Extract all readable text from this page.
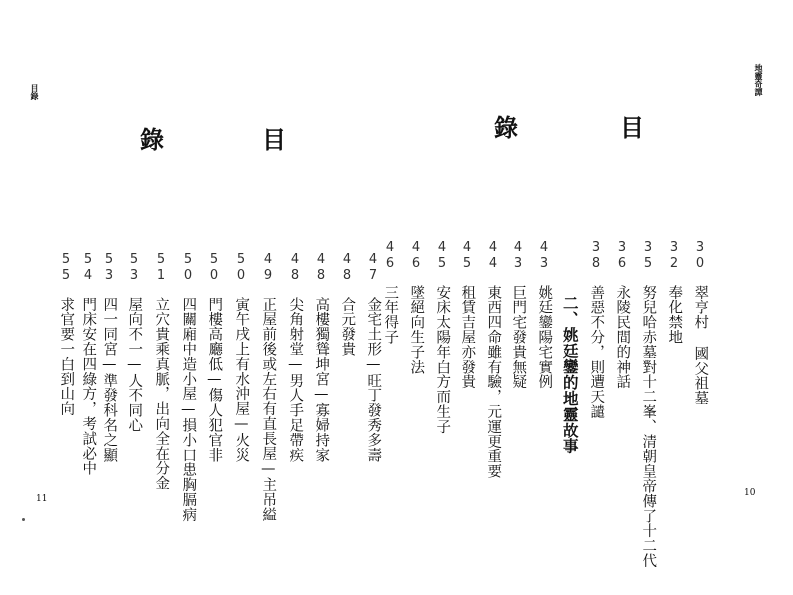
目錄
錄	目
47
金宅土形—旺丁發秀多壽
48
合元發貴
48
高樓獨聳坤宮—寡婦持家
48
尖角射堂—男人手足帶疾
49
正屋前後或左右有直長屋—主吊縊
50
寅午戌上有水沖屋—火災
50
門樓高廳低—傷人犯官非
50
四關廂中造小屋—損小口患胸膈病
51
立穴貴乘真脈，出向全在分金
53
屋向不一—人不同心
53
四一同宮—準發科名之顯
54
門床安在四綠方，考試必中
55
求官要一白到山向
11
地靈奇譚
錄	目
30
翠亨村 國父祖墓
32
奉化禁地
35
努兒哈赤墓對十二峯、清朝皇帝傳了十二代
36
永陵民間的神話
38
善惡不分，則遭天譴
二、姚廷鑾的地靈故事
43
姚廷鑾陽宅實例
43
巨門宅發貴無疑
44
東西四命雖有驗，元運更重要
45
租賃吉屋亦發貴
45
安床太陽年白方而生子
46
墜絕向生子法
46
三年得子
10
